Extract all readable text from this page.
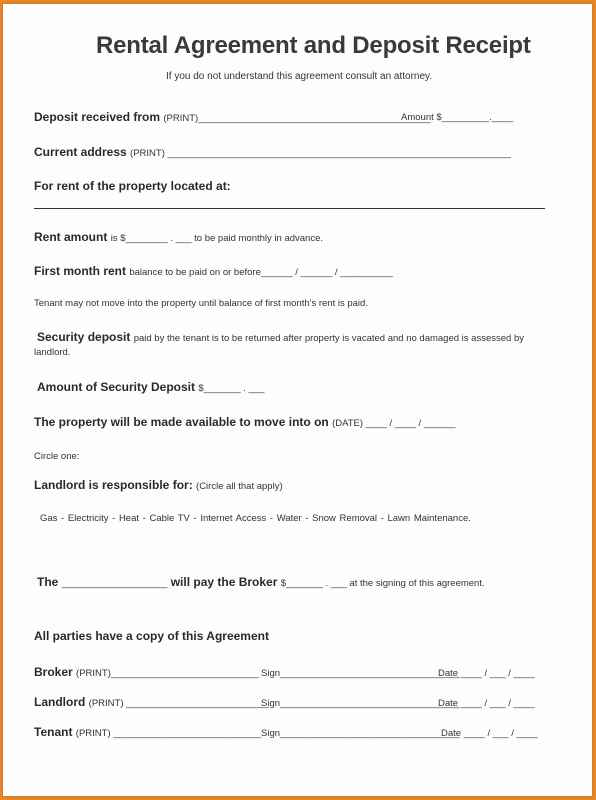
Rental Agreement and Deposit Receipt
If you do not understand this agreement consult an attorney.
Deposit received from (PRINT)____________________________________________
Amount $_________.____
Current address (PRINT) _________________________________________________________________
For rent of the property located at:
Rent amount is $________ . ___ to be paid monthly in advance.
First month rent balance to be paid on or before______ / ______ / __________
Tenant may not move into the property until balance of first month's rent is paid.
Security deposit paid by the tenant is to be returned after property is vacated and no damaged is assessed by
landlord.
Amount of Security Deposit $_______ . ___
The property will be made available to move into on (DATE) ____ / ____ / ______
Circle one:
Landlord is responsible for: (Circle all that apply)
Gas - Electricity - Heat - Cable TV - Internet Access - Water - Snow Removal - Lawn Maintenance.
The ____________________ will pay the Broker $_______ . ___ at the signing of this agreement.
All parties have a copy of this Agreement
Broker (PRINT)____________________________ Sign__________________________________
Date ____ / ___ / ____
Landlord (PRINT) ___________________________
Sign__________________________________
Date ____ / ___ / ____
Tenant (PRINT) ____________________________ Sign__________________________________
Date ____ / ___ / ____
